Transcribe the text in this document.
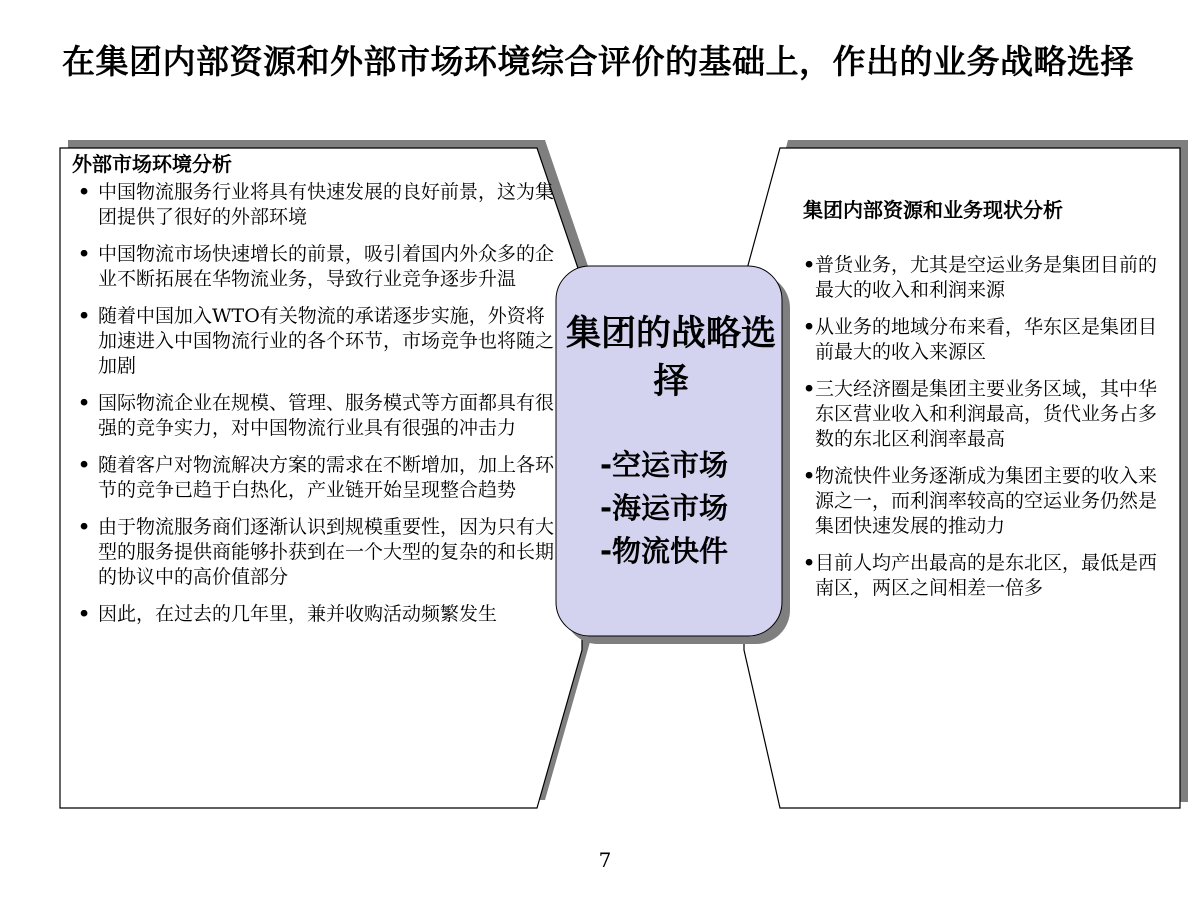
在集团内部资源和外部市场环境综合评价的基础上，作出的业务战略选择
外部市场环境分析
• 中国物流服务行业将具有快速发展的良好前景，这为集团提供了很好的外部环境
• 中国物流市场快速增长的前景，吸引着国内外众多的企业不断拓展在华物流业务，导致行业竞争逐步升温
• 随着中国加入WTO有关物流的承诺逐步实施，外资将加速进入中国物流行业的各个环节，市场竞争也将随之加剧
• 国际物流企业在规模、管理、服务模式等方面都具有很强的竞争实力，对中国物流行业具有很强的冲击力
• 随着客户对物流解决方案的需求在不断增加，加上各环节的竞争已趋于白热化，产业链开始呈现整合趋势
• 由于物流服务商们逐渐认识到规模重要性，因为只有大型的服务提供商能够扑获到在一个大型的复杂的和长期的协议中的高价值部分
• 因此，在过去的几年里，兼并收购活动频繁发生
集团的战略选择
-空运市场
-海运市场
-物流快件
集团内部资源和业务现状分析
• 普货业务，尤其是空运业务是集团目前的最大的收入和利润来源
• 从业务的地域分布来看，华东区是集团目前最大的收入来源区
• 三大经济圈是集团主要业务区域，其中华东区营业收入和利润最高，货代业务占多数的东北区利润率最高
• 物流快件业务逐渐成为集团主要的收入来源之一，而利润率较高的空运业务仍然是集团快速发展的推动力
• 目前人均产出最高的是东北区，最低是西南区，两区之间相差一倍多
7
